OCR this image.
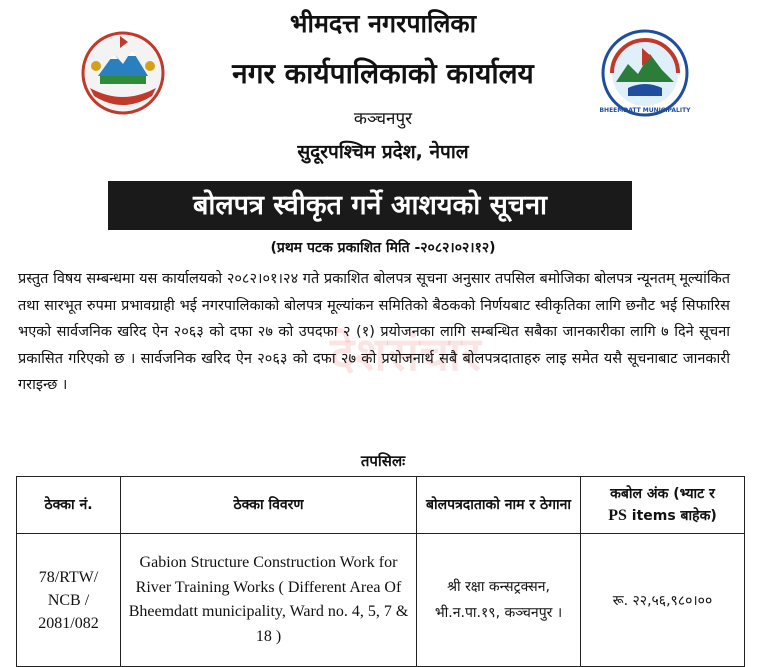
BHEEMDATT MUNICIPALITY
भीमदत्त नगरपालिका
नगर कार्यपालिकाको कार्यालय
कञ्चनपुर
सुदूरपश्चिम प्रदेश, नेपाल
बोलपत्र स्वीकृत गर्ने आशयको सूचना
(प्रथम पटक प्रकाशित मिति -२०८२।०२।१२)
देशसंचार
प्रस्तुत विषय सम्बन्धमा यस कार्यालयको २०८२।०१।२४ गते प्रकाशित बोलपत्र सूचना अनुसार तपसिल बमोजिका बोलपत्र न्यूनतम् मूल्यांकित तथा सारभूत रुपमा प्रभावग्राही भई नगरपालिकाको बोलपत्र मूल्यांकन समितिको बैठकको निर्णयबाट स्वीकृतिका लागि छनौट भई सिफारिस भएको सार्वजनिक खरिद ऐन २०६३ को दफा २७ को उपदफा २ (१) प्रयोजनका लागि सम्बन्धित सबैका जानकारीका लागि ७ दिने सूचना प्रकासित गरिएको छ । सार्वजनिक खरिद ऐन २०६३ को दफा २७ को प्रयोजनार्थ सबै बोलपत्रदाताहरु लाइ समेत यसै सूचनाबाट जानकारी गराइन्छ ।
तपसिलः
ठेक्का नं.	ठेक्का विवरण	बोलपत्रदाताको नाम र ठेगाना	कबोल अंक (भ्याट र
PS items बाहेक)
78/RTW/ NCB / 2081/082	Gabion Structure Construction Work for River Training Works ( Different Area Of Bheemdatt municipality, Ward no. 4, 5, 7 & 18 )	श्री रक्षा कन्सट्रक्सन, भी.न.पा.१९, कञ्चनपुर ।	रू. २२,५६,९८०।००
